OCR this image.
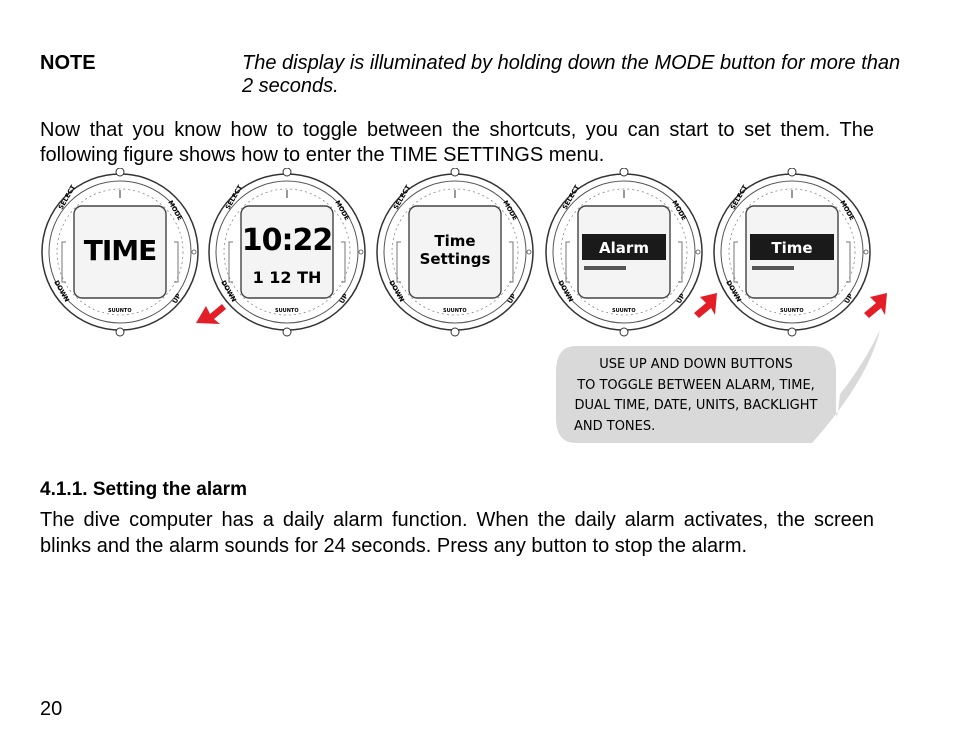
NOTE	The display is illuminated by holding down the MODE button for more than 2 seconds.
Now that you know how to toggle between the shortcuts, you can start to set them. The following figure shows how to enter the TIME SETTINGS menu.
SELECT	MODE
DOWN	UP
SUUNTO
TIME
SELECT	MODE
DOWN	UP
SUUNTO
10:22
1 12 TH
SELECT	MODE
DOWN	UP
SUUNTO
Time
Settings
SELECT	MODE
DOWN	UP
SUUNTO
Alarm
SELECT	MODE
DOWN	UP
SUUNTO
Time
USE UP AND DOWN BUTTONS
TO TOGGLE BETWEEN ALARM, TIME,
DUAL TIME, DATE, UNITS, BACKLIGHT
AND TONES.
4.1.1. Setting the alarm
The dive computer has a daily alarm function. When the daily alarm activates, the screen blinks and the alarm sounds for 24 seconds. Press any button to stop the alarm.
20
